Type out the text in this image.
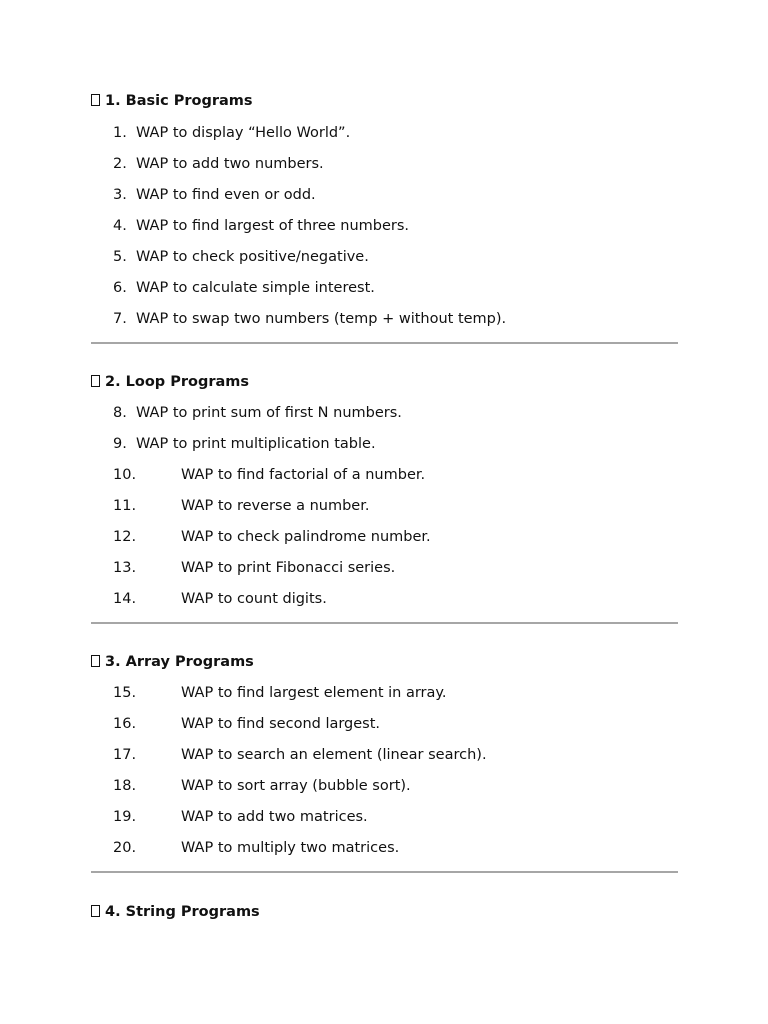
1. Basic Programs
1. WAP to display “Hello World”.
2. WAP to add two numbers.
3. WAP to find even or odd.
4. WAP to find largest of three numbers.
5. WAP to check positive/negative.
6. WAP to calculate simple interest.
7. WAP to swap two numbers (temp + without temp).
2. Loop Programs
8. WAP to print sum of first N numbers.
9. WAP to print multiplication table.
10.	WAP to find factorial of a number.
11.	WAP to reverse a number.
12.	WAP to check palindrome number.
13.	WAP to print Fibonacci series.
14.	WAP to count digits.
3. Array Programs
15.	WAP to find largest element in array.
16.	WAP to find second largest.
17.	WAP to search an element (linear search).
18.	WAP to sort array (bubble sort).
19.	WAP to add two matrices.
20.	WAP to multiply two matrices.
4. String Programs
